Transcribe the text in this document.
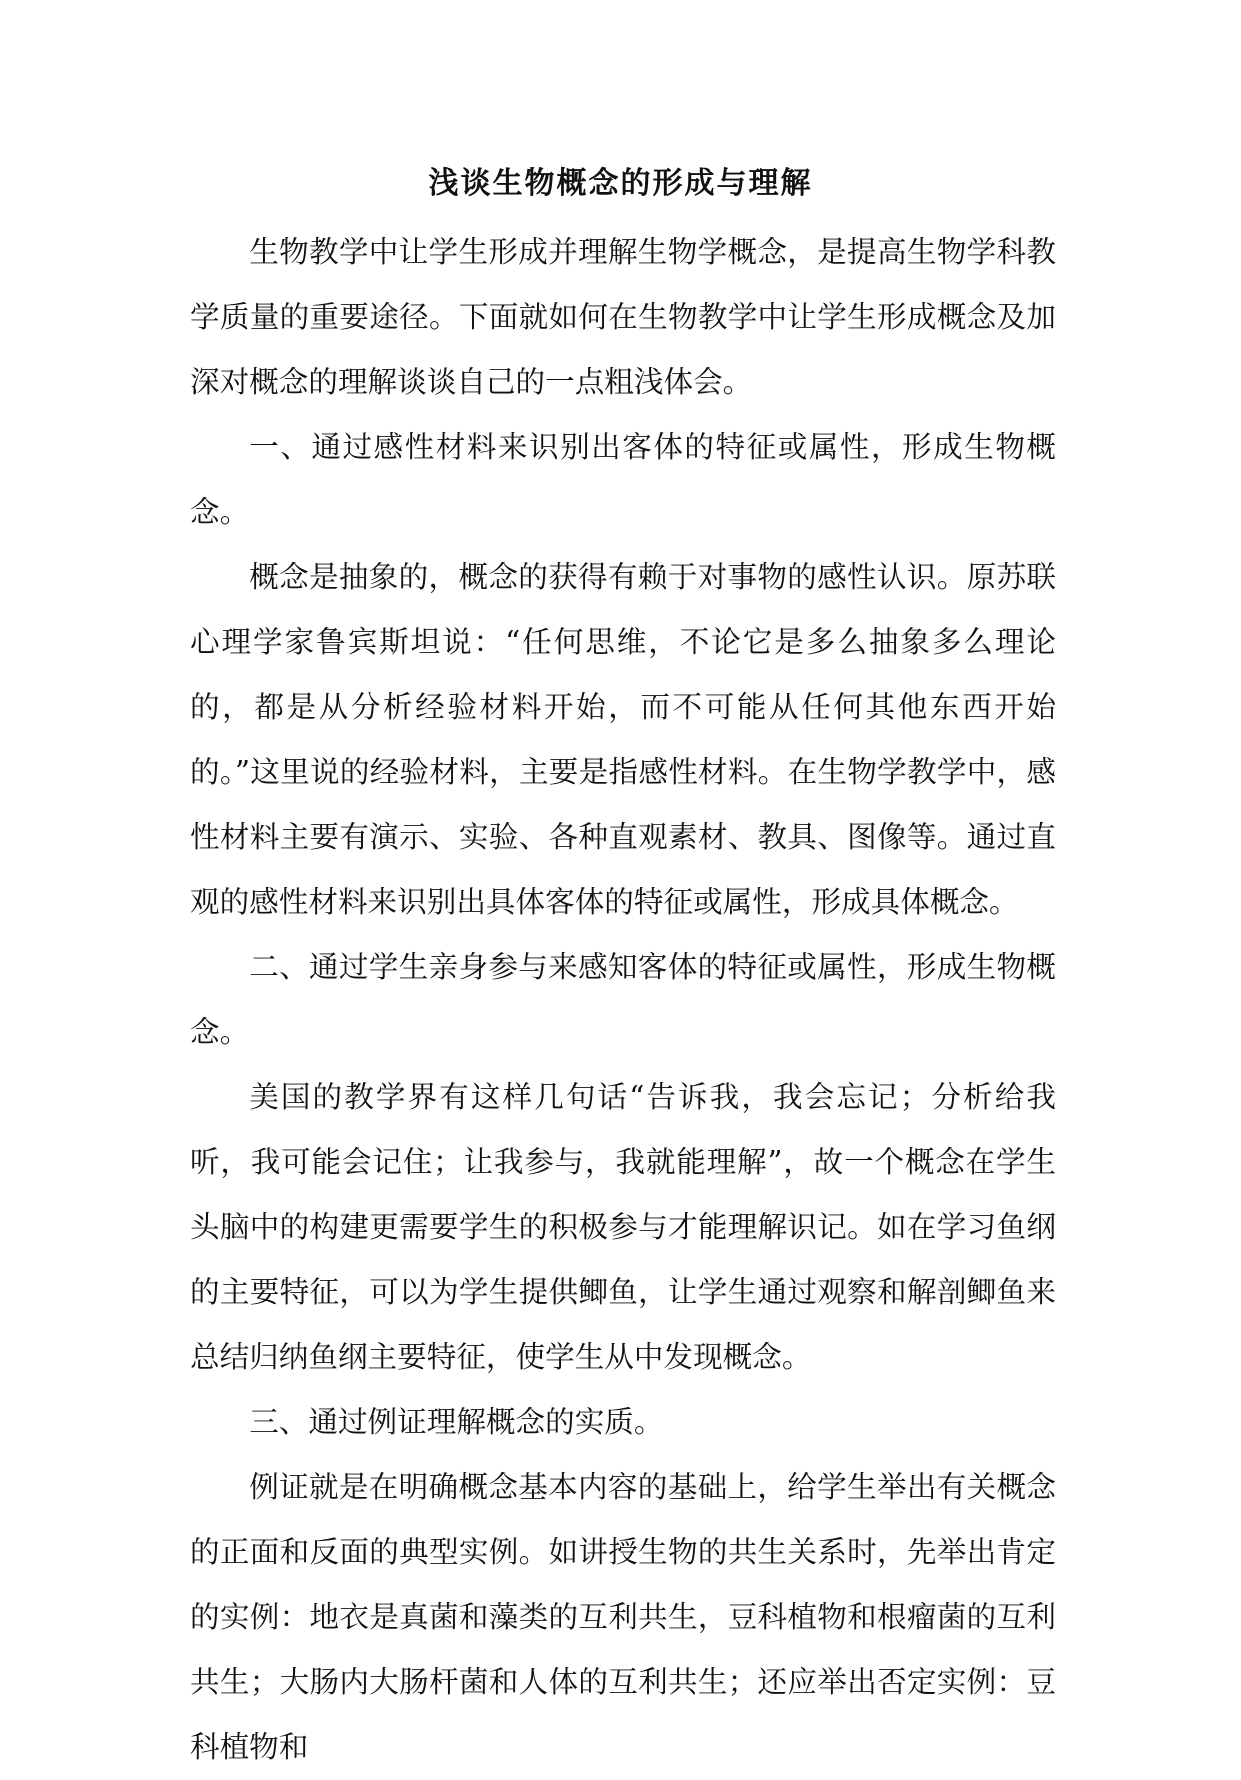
浅谈生物概念的形成与理解

生物教学中让学生形成并理解生物学概念，是提高生物学科教学质量的重要途径。下面就如何在生物教学中让学生形成概念及加深对概念的理解谈谈自己的一点粗浅体会。

一、通过感性材料来识别出客体的特征或属性，形成生物概念。

概念是抽象的，概念的获得有赖于对事物的感性认识。原苏联心理学家鲁宾斯坦说：“任何思维，不论它是多么抽象多么理论的，都是从分析经验材料开始，而不可能从任何其他东西开始的。”这里说的经验材料，主要是指感性材料。在生物学教学中，感性材料主要有演示、实验、各种直观素材、教具、图像等。通过直观的感性材料来识别出具体客体的特征或属性，形成具体概念。

二、通过学生亲身参与来感知客体的特征或属性，形成生物概念。

美国的教学界有这样几句话“告诉我，我会忘记；分析给我听，我可能会记住；让我参与，我就能理解”，故一个概念在学生头脑中的构建更需要学生的积极参与才能理解识记。如在学习鱼纲的主要特征，可以为学生提供鲫鱼，让学生通过观察和解剖鲫鱼来总结归纳鱼纲主要特征，使学生从中发现概念。

三、通过例证理解概念的实质。

例证就是在明确概念基本内容的基础上，给学生举出有关概念的正面和反面的典型实例。如讲授生物的共生关系时，先举出肯定的实例：地衣是真菌和藻类的互利共生，豆科植物和根瘤菌的互利共生；大肠内大肠杆菌和人体的互利共生；还应举出否定实例：豆科植物和
